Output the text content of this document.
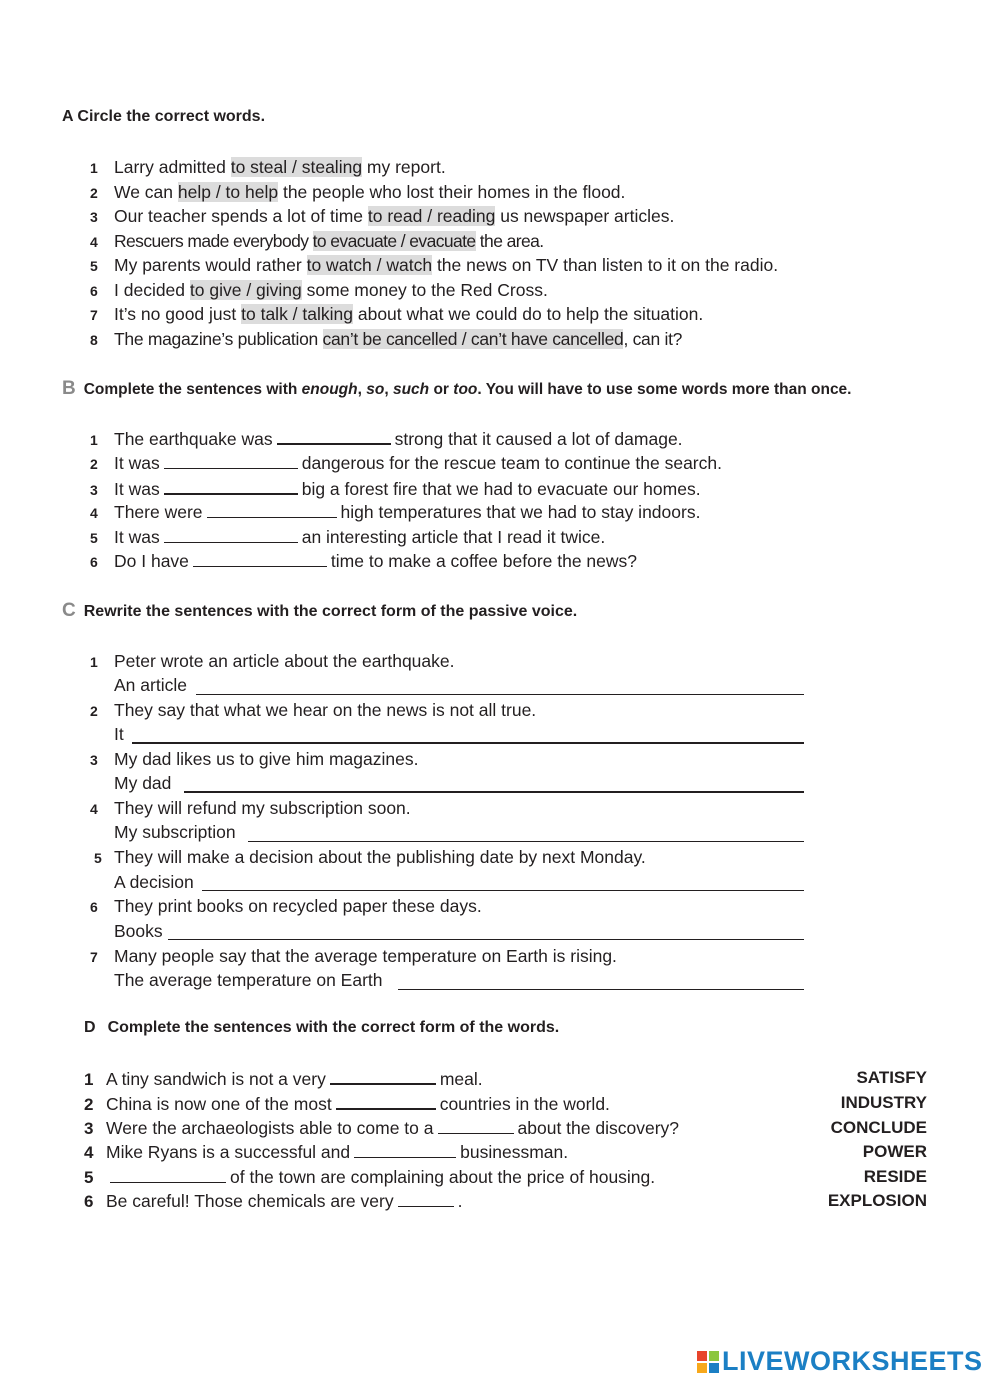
A Circle the correct words.
1 Larry admitted to steal / stealing my report.
2 We can help / to help the people who lost their homes in the flood.
3 Our teacher spends a lot of time to read / reading us newspaper articles.
4 Rescuers made everybody to evacuate / evacuate the area.
5 My parents would rather to watch / watch the news on TV than listen to it on the radio.
6 I decided to give / giving some money to the Red Cross.
7 It’s no good just to talk / talking about what we could do to help the situation.
8 The magazine’s publication can’t be cancelled / can’t have cancelled, can it?
B Complete the sentences with enough, so, such or too. You will have to use some words more than once.
1 The earthquake was	strong that it caused a lot of damage.
2 It was	dangerous for the rescue team to continue the search.
3 It was	big a forest fire that we had to evacuate our homes.
4 There were	high temperatures that we had to stay indoors.
5 It was	an interesting article that I read it twice.
6 Do I have	time to make a coffee before the news?
C Rewrite the sentences with the correct form of the passive voice.
1 Peter wrote an article about the earthquake.
An article
2 They say that what we hear on the news is not all true.
It
3 My dad likes us to give him magazines.
My dad
4 They will refund my subscription soon.
My subscription
5 They will make a decision about the publishing date by next Monday.
A decision
6 They print books on recycled paper these days.
Books
7 Many people say that the average temperature on Earth is rising.
The average temperature on Earth
D Complete the sentences with the correct form of the words.
1 A tiny sandwich is not a very	meal.	SATISFY
2 China is now one of the most	countries in the world.	INDUSTRY
3 Were the archaeologists able to come to a	about the discovery?	CONCLUDE
4 Mike Ryans is a successful and	businessman.	POWER
5	of the town are complaining about the price of housing.	RESIDE
6 Be careful! Those chemicals are very	.	EXPLOSION
LIVEWORKSHEETS
